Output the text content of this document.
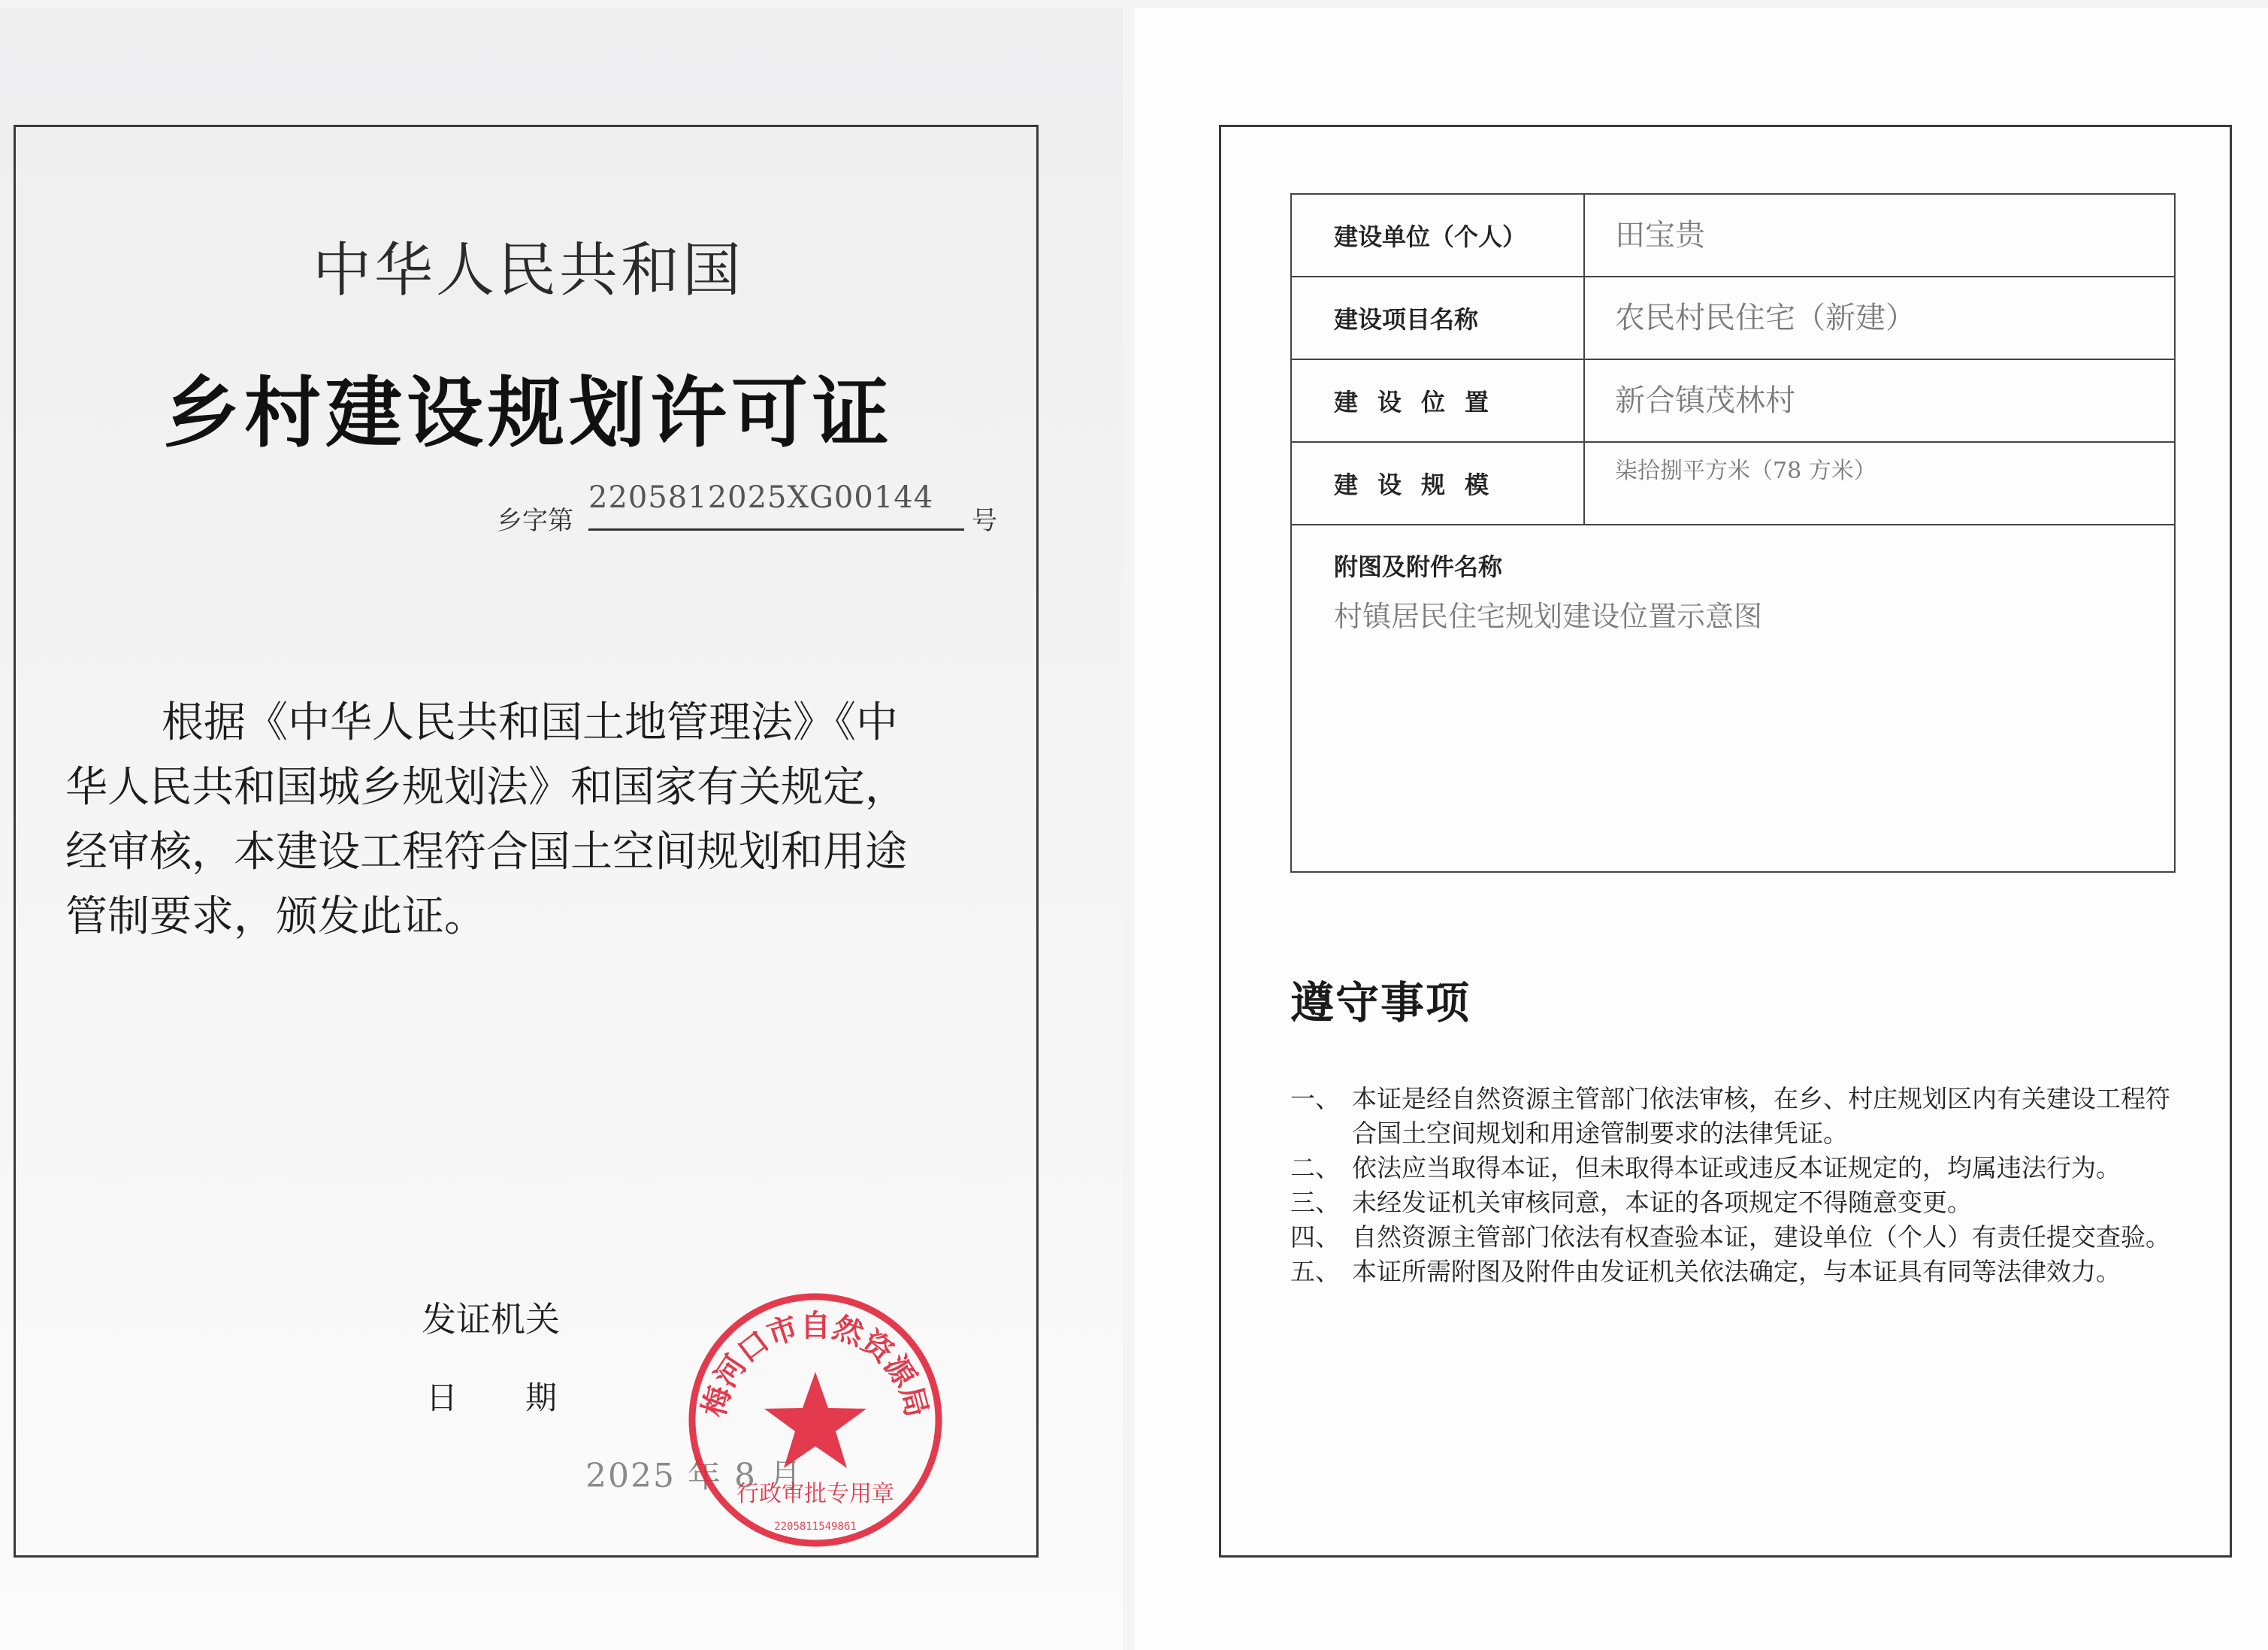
中华人民共和国
乡村建设规划许可证
乡字第
2205812025XG00144
号

根据《中华人民共和国土地管理法》《中

华人民共和国城乡规划法》和国家有关规定，

经审核，本建设工程符合国土空间规划和用途

管制要求，颁发此证。

发证机关
日期
2025 年 8 月
梅河口市自然资源局
行政审批专用章
2205811549861
建设单位（个人）	田宝贵
建设项目名称	农民村民住宅（新建）
建设位置	新合镇茂林村
建设规模	柒拾捌平方米（78 方米）
附图及附件名称
村镇居民住宅规划建设位置示意图
遵守事项
一、 本证是经自然资源主管部门依法审核，在乡、村庄规划区内有关建设工程符合国土空间规划和用途管制要求的法律凭证。
二、 依法应当取得本证，但未取得本证或违反本证规定的，均属违法行为。
三、 未经发证机关审核同意，本证的各项规定不得随意变更。
四、 自然资源主管部门依法有权查验本证，建设单位（个人）有责任提交查验。
五、 本证所需附图及附件由发证机关依法确定，与本证具有同等法律效力。
